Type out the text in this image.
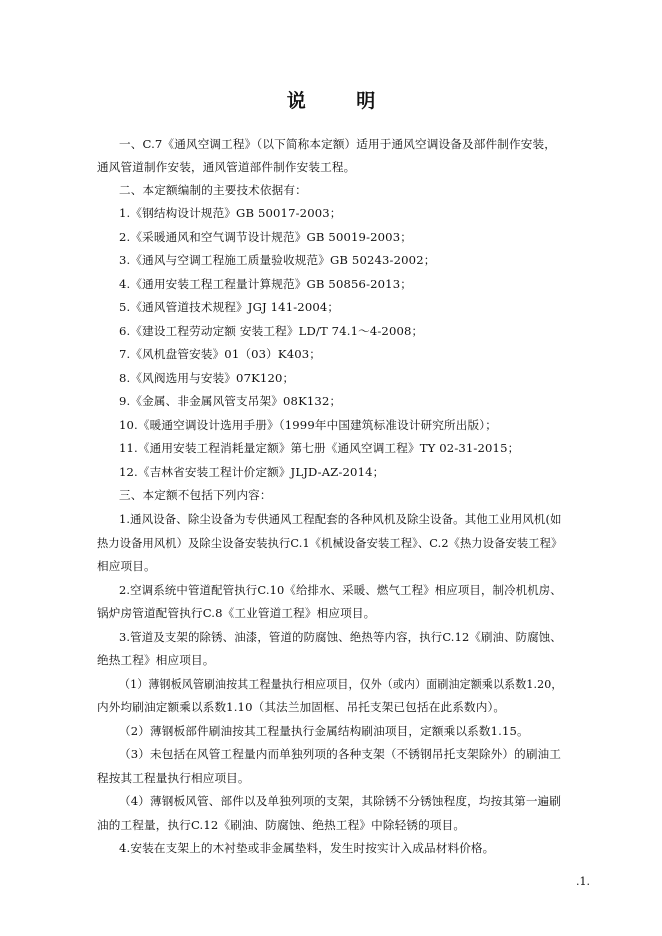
说 明
一、C.7《通风空调工程》（以下简称本定额）适用于通风空调设备及部件制作安装，
通风管道制作安装，通风管道部件制作安装工程。
二、本定额编制的主要技术依据有：
1.《钢结构设计规范》GB 50017-2003；
2.《采暖通风和空气调节设计规范》GB 50019-2003；
3.《通风与空调工程施工质量验收规范》GB 50243-2002；
4.《通用安装工程工程量计算规范》GB 50856-2013；
5.《通风管道技术规程》JGJ 141-2004；
6.《建设工程劳动定额 安装工程》LD/T 74.1～4-2008；
7.《风机盘管安装》01（03）K403；
8.《风阀选用与安装》07K120；
9.《金属、非金属风管支吊架》08K132；
10.《暖通空调设计选用手册》（1999年中国建筑标准设计研究所出版）；
11.《通用安装工程消耗量定额》第七册《通风空调工程》TY 02-31-2015；
12.《吉林省安装工程计价定额》JLJD-AZ-2014；
三、本定额不包括下列内容：
1.通风设备、除尘设备为专供通风工程配套的各种风机及除尘设备。其他工业用风机(如
热力设备用风机）及除尘设备安装执行C.1《机械设备安装工程》、C.2《热力设备安装工程》
相应项目。
2.空调系统中管道配管执行C.10《给排水、采暖、燃气工程》相应项目，制冷机机房、
锅炉房管道配管执行C.8《工业管道工程》相应项目。
3.管道及支架的除锈、油漆，管道的防腐蚀、绝热等内容，执行C.12《刷油、防腐蚀、
绝热工程》相应项目。
（1）薄钢板风管刷油按其工程量执行相应项目，仅外（或内）面刷油定额乘以系数1.20，
内外均刷油定额乘以系数1.10（其法兰加固框、吊托支架已包括在此系数内）。
（2）薄钢板部件刷油按其工程量执行金属结构刷油项目，定额乘以系数1.15。
（3）未包括在风管工程量内而单独列项的各种支架（不锈钢吊托支架除外）的刷油工
程按其工程量执行相应项目。
（4）薄钢板风管、部件以及单独列项的支架，其除锈不分锈蚀程度，均按其第一遍刷
油的工程量，执行C.12《刷油、防腐蚀、绝热工程》中除轻锈的项目。
4.安装在支架上的木衬垫或非金属垫料，发生时按实计入成品材料价格。
.1.
